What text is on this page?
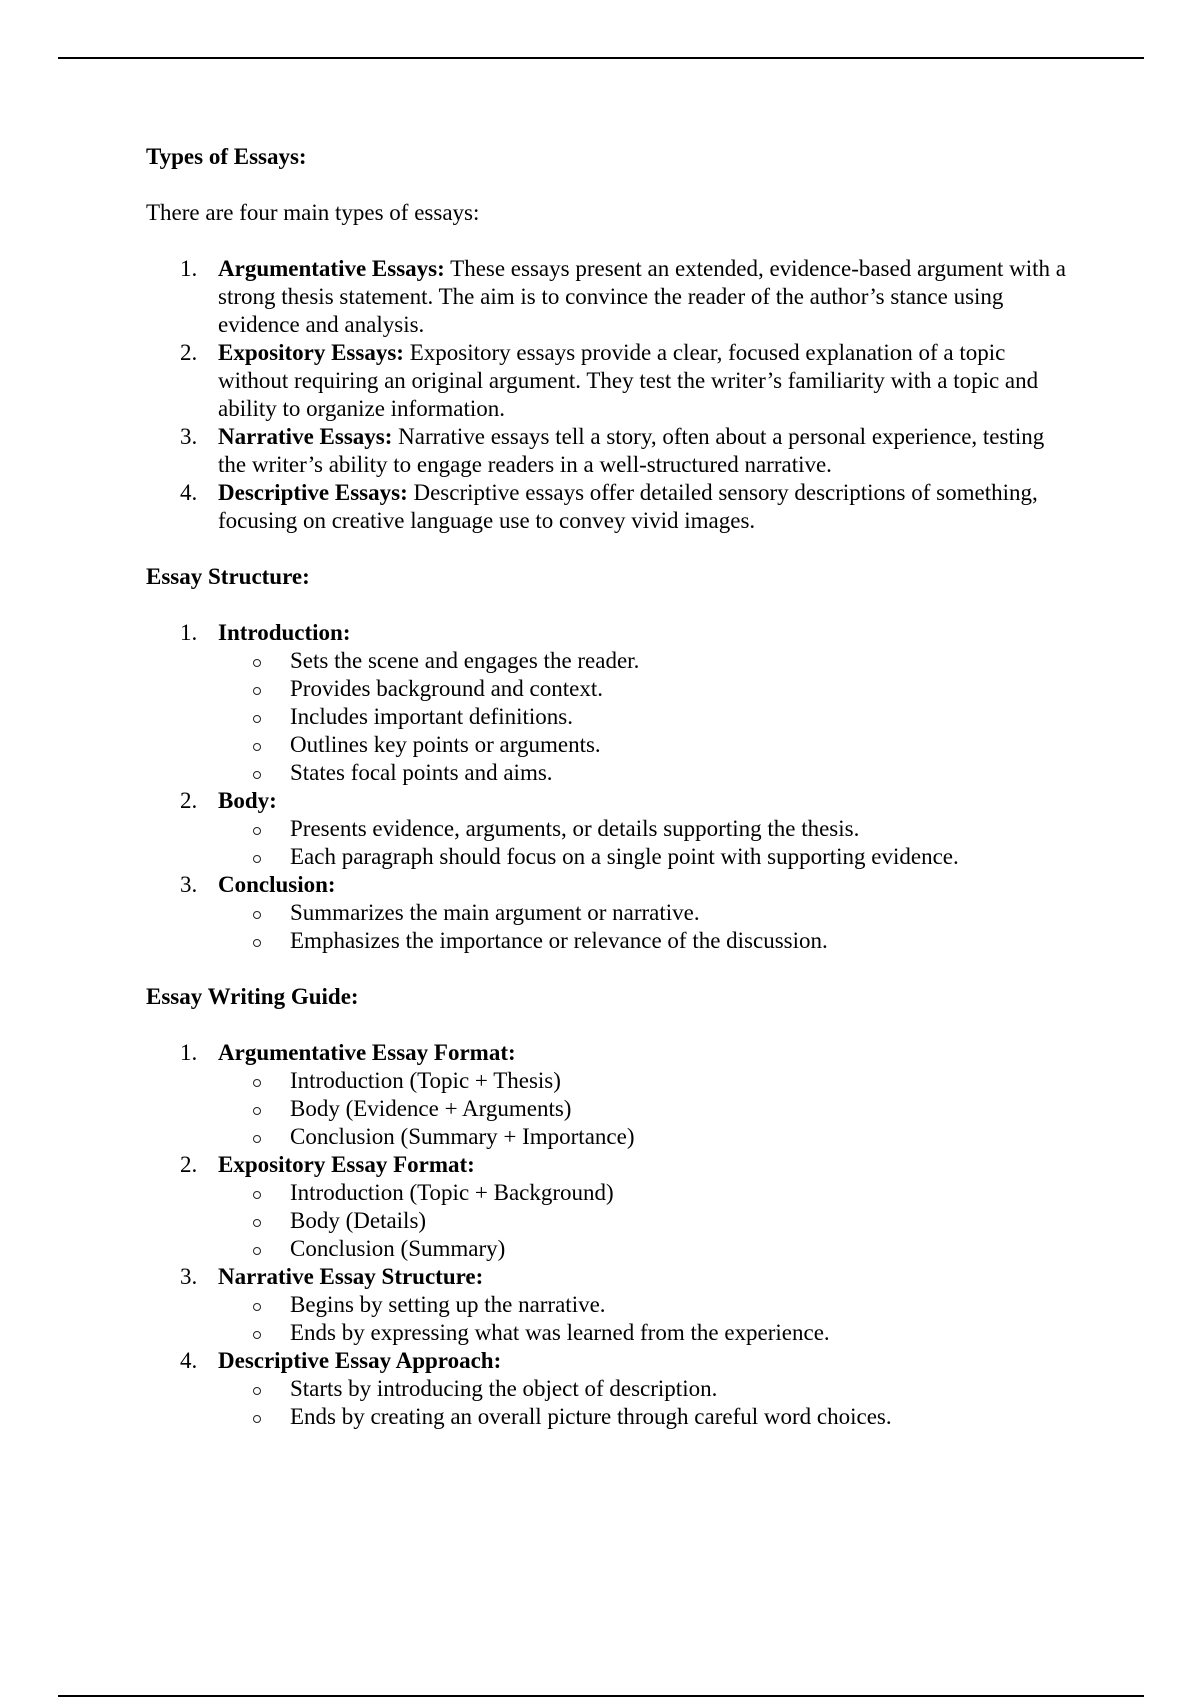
Types of Essays:
There are four main types of essays:
1. Argumentative Essays: These essays present an extended, evidence-based argument with a strong thesis statement. The aim is to convince the reader of the author’s stance using evidence and analysis.
2. Expository Essays: Expository essays provide a clear, focused explanation of a topic without requiring an original argument. They test the writer’s familiarity with a topic and ability to organize information.
3. Narrative Essays: Narrative essays tell a story, often about a personal experience, testing the writer’s ability to engage readers in a well-structured narrative.
4. Descriptive Essays: Descriptive essays offer detailed sensory descriptions of something, focusing on creative language use to convey vivid images.
Essay Structure:
1. Introduction:
Sets the scene and engages the reader.
Provides background and context.
Includes important definitions.
Outlines key points or arguments.
States focal points and aims.
2. Body:
Presents evidence, arguments, or details supporting the thesis.
Each paragraph should focus on a single point with supporting evidence.
3. Conclusion:
Summarizes the main argument or narrative.
Emphasizes the importance or relevance of the discussion.
Essay Writing Guide:
1. Argumentative Essay Format:
Introduction (Topic + Thesis)
Body (Evidence + Arguments)
Conclusion (Summary + Importance)
2. Expository Essay Format:
Introduction (Topic + Background)
Body (Details)
Conclusion (Summary)
3. Narrative Essay Structure:
Begins by setting up the narrative.
Ends by expressing what was learned from the experience.
4. Descriptive Essay Approach:
Starts by introducing the object of description.
Ends by creating an overall picture through careful word choices.
